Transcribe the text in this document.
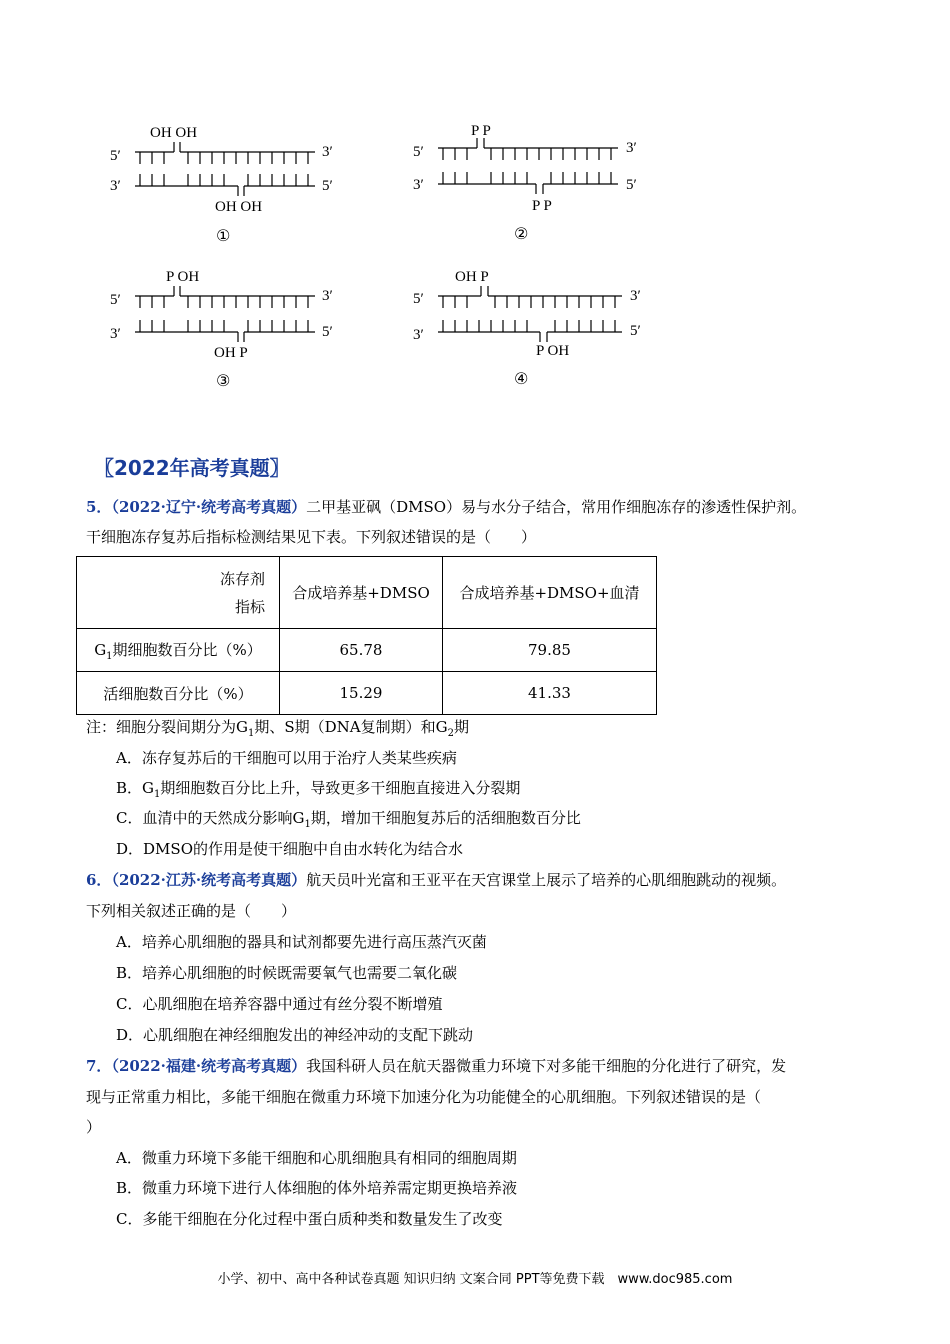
OH OH
5′	3′
3′	5′
OH OH
①
P P
5′	3′
3′	5′
P P
②
P OH
5′	3′
3′	5′
OH P
③
OH P
5′	3′
3′	5′
P OH
④
〖2022年高考真题〗
5．（2022·辽宁·统考高考真题）二甲基亚砜（DMSO）易与水分子结合，常用作细胞冻存的渗透性保护剂。
干细胞冻存复苏后指标检测结果见下表。下列叙述错误的是（　　）
冻存剂
指标	合成培养基+DMSO	合成培养基+DMSO+血清
$G_1$期细胞数百分比（%）	65.78	79.85
活细胞数百分比（%）	15.29	41.33
注：细胞分裂间期分为$G_1$期、S期（DNA复制期）和$G_2$期
A．冻存复苏后的干细胞可以用于治疗人类某些疾病
B．$G_1$期细胞数百分比上升，导致更多干细胞直接进入分裂期
C．血清中的天然成分影响$G_1$期，增加干细胞复苏后的活细胞数百分比
D．DMSO的作用是使干细胞中自由水转化为结合水
6．（2022·江苏·统考高考真题）航天员叶光富和王亚平在天宫课堂上展示了培养的心肌细胞跳动的视频。
下列相关叙述正确的是（　　）
A．培养心肌细胞的器具和试剂都要先进行高压蒸汽灭菌
B．培养心肌细胞的时候既需要氧气也需要二氧化碳
C．心肌细胞在培养容器中通过有丝分裂不断增殖
D．心肌细胞在神经细胞发出的神经冲动的支配下跳动
7．（2022·福建·统考高考真题）我国科研人员在航天器微重力环境下对多能干细胞的分化进行了研究，发
现与正常重力相比，多能干细胞在微重力环境下加速分化为功能健全的心肌细胞。下列叙述错误的是（
）
A．微重力环境下多能干细胞和心肌细胞具有相同的细胞周期
B．微重力环境下进行人体细胞的体外培养需定期更换培养液
C．多能干细胞在分化过程中蛋白质种类和数量发生了改变
小学、初中、高中各种试卷真题 知识归纳 文案合同 PPT等免费下载　www.doc985.com
